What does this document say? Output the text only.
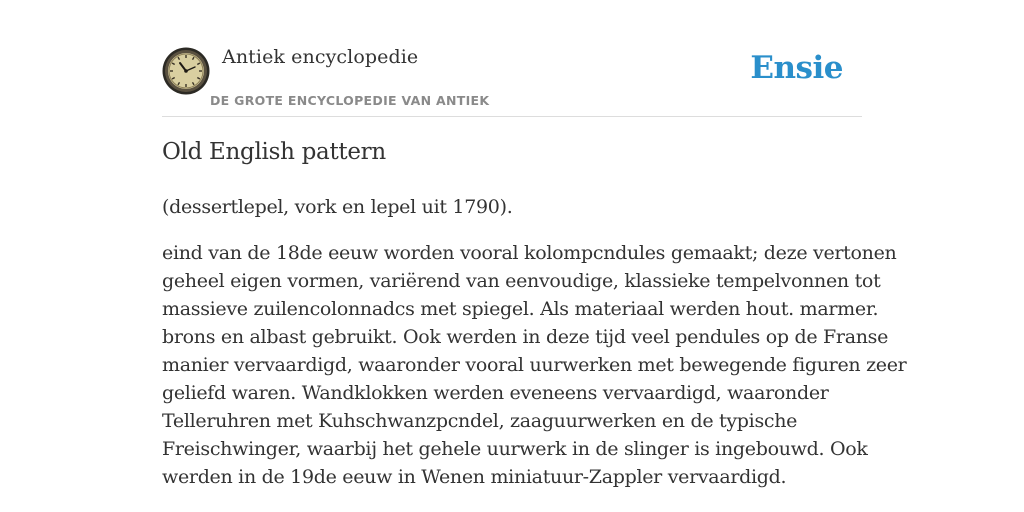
Antiek encyclopedie
DE GROTE ENCYCLOPEDIE VAN ANTIEK
Ensie
Old English pattern

(dessertlepel, vork en lepel uit 1790).

eind van de 18de eeuw worden vooral kolompcndules gemaakt; deze vertonen
geheel eigen vormen, variërend van eenvoudige, klassieke tempelvonnen tot
massieve zuilencolonnadcs met spiegel. Als materiaal werden hout. marmer.
brons en albast gebruikt. Ook werden in deze tijd veel pendules op de Franse
manier vervaardigd, waaronder vooral uurwerken met bewegende figuren zeer
geliefd waren. Wandklokken werden eveneens vervaardigd, waaronder
Telleruhren met Kuhschwanzpcndel, zaaguurwerken en de typische
Freischwinger, waarbij het gehele uurwerk in de slinger is ingebouwd. Ook
werden in de 19de eeuw in Wenen miniatuur-Zappler vervaardigd.
